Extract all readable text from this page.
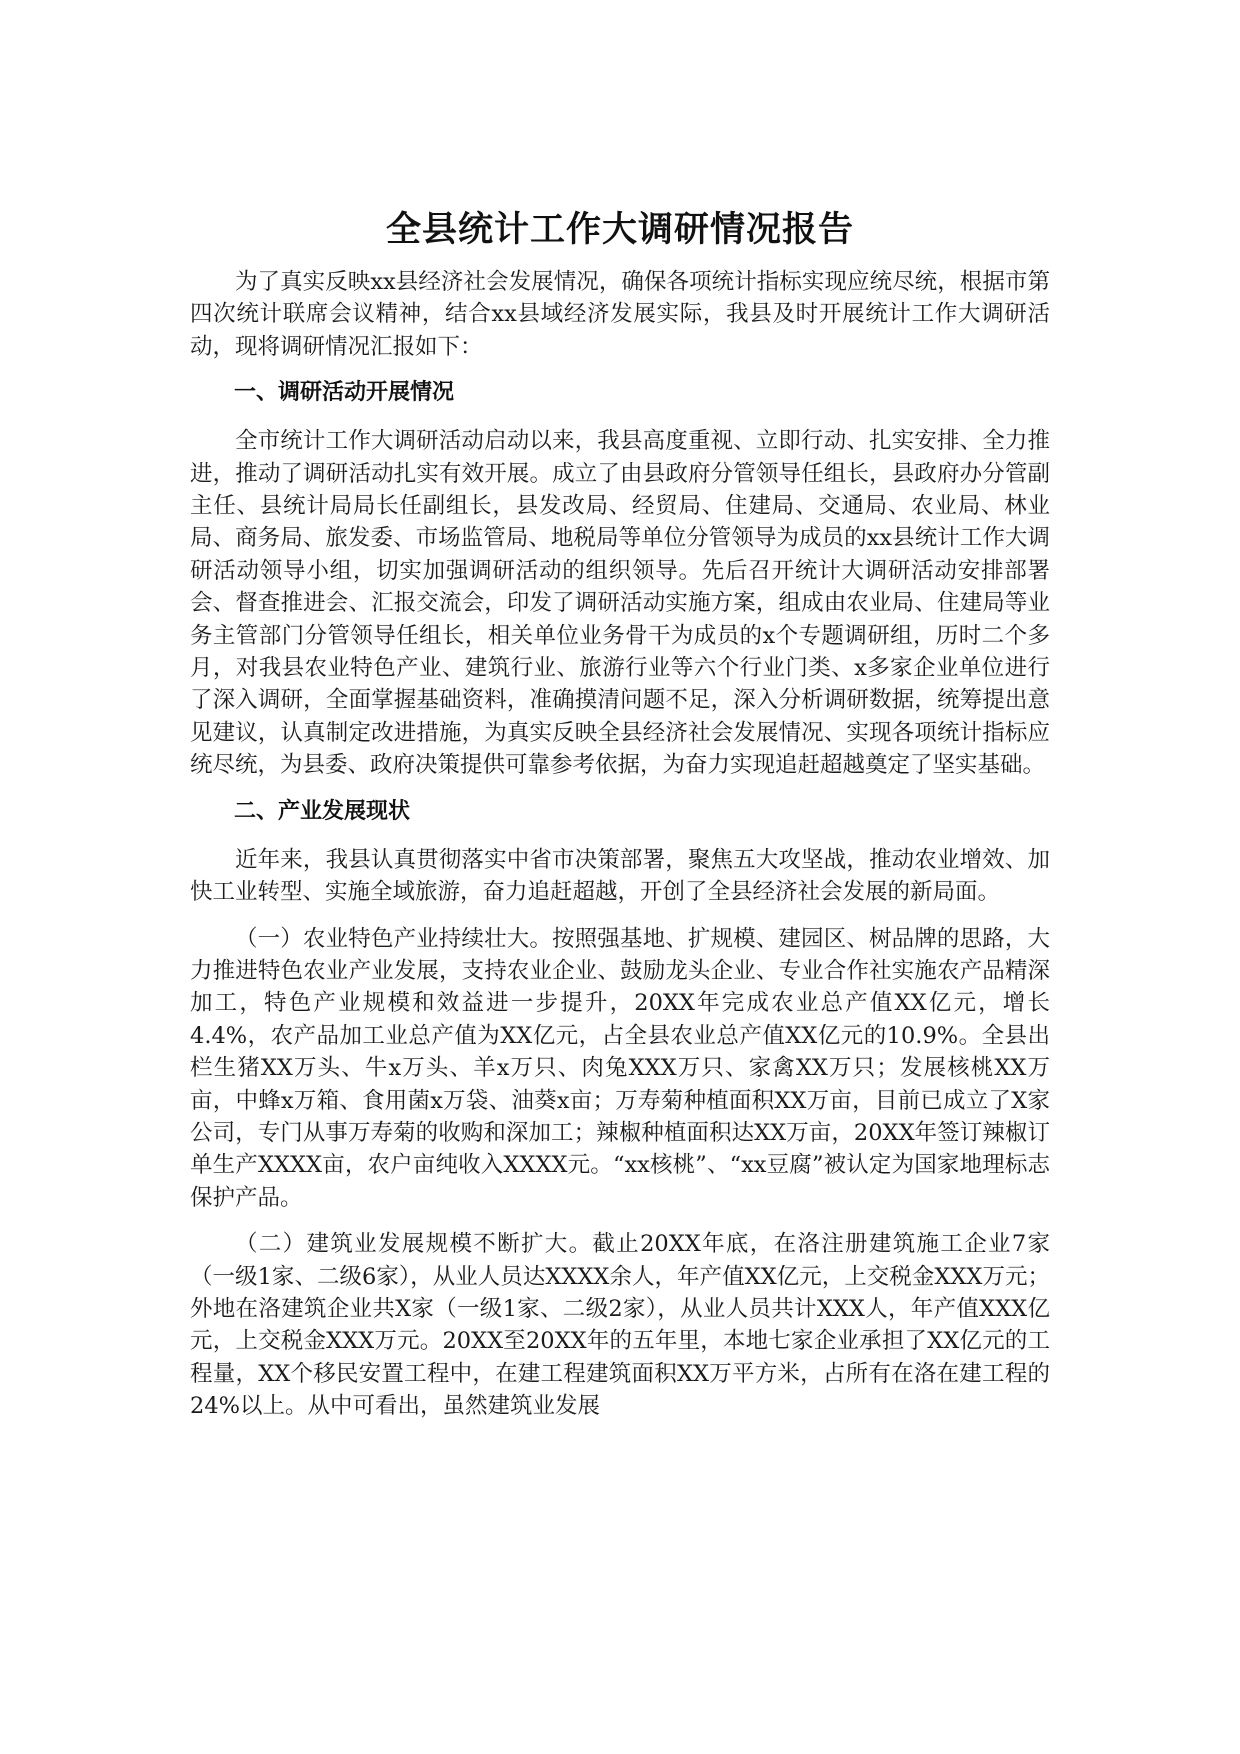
全县统计工作大调研情况报告

为了真实反映xx县经济社会发展情况，确保各项统计指标实现应统尽统，根据市第四次统计联席会议精神，结合xx县域经济发展实际，我县及时开展统计工作大调研活动，现将调研情况汇报如下：

一、调研活动开展情况

全市统计工作大调研活动启动以来，我县高度重视、立即行动、扎实安排、全力推进，推动了调研活动扎实有效开展。成立了由县政府分管领导任组长，县政府办分管副主任、县统计局局长任副组长，县发改局、经贸局、住建局、交通局、农业局、林业局、商务局、旅发委、市场监管局、地税局等单位分管领导为成员的xx县统计工作大调研活动领导小组，切实加强调研活动的组织领导。先后召开统计大调研活动安排部署会、督查推进会、汇报交流会，印发了调研活动实施方案，组成由农业局、住建局等业务主管部门分管领导任组长，相关单位业务骨干为成员的x个专题调研组，历时二个多月，对我县农业特色产业、建筑行业、旅游行业等六个行业门类、x多家企业单位进行了深入调研，全面掌握基础资料，准确摸清问题不足，深入分析调研数据，统筹提出意见建议，认真制定改进措施，为真实反映全县经济社会发展情况、实现各项统计指标应统尽统，为县委、政府决策提供可靠参考依据，为奋力实现追赶超越奠定了坚实基础。

二、产业发展现状

近年来，我县认真贯彻落实中省市决策部署，聚焦五大攻坚战，推动农业增效、加快工业转型、实施全域旅游，奋力追赶超越，开创了全县经济社会发展的新局面。

（一）农业特色产业持续壮大。按照强基地、扩规模、建园区、树品牌的思路，大力推进特色农业产业发展，支持农业企业、鼓励龙头企业、专业合作社实施农产品精深加工，特色产业规模和效益进一步提升，20XX年完成农业总产值XX亿元，增长4.4%，农产品加工业总产值为XX亿元，占全县农业总产值XX亿元的10.9%。全县出栏生猪XX万头、牛x万头、羊x万只、肉兔XXX万只、家禽XX万只；发展核桃XX万亩，中蜂x万箱、食用菌x万袋、油葵x亩；万寿菊种植面积XX万亩，目前已成立了X家公司，专门从事万寿菊的收购和深加工；辣椒种植面积达XX万亩，20XX年签订辣椒订单生产XXXX亩，农户亩纯收入XXXX元。“xx核桃”、“xx豆腐”被认定为国家地理标志保护产品。

（二）建筑业发展规模不断扩大。截止20XX年底，在洛注册建筑施工企业7家（一级1家、二级6家），从业人员达XXXX余人，年产值XX亿元，上交税金XXX万元；外地在洛建筑企业共X家（一级1家、二级2家），从业人员共计XXX人，年产值XXX亿元，上交税金XXX万元。20XX至20XX年的五年里，本地七家企业承担了XX亿元的工程量，XX个移民安置工程中，在建工程建筑面积XX万平方米，占所有在洛在建工程的24%以上。从中可看出，虽然建筑业发展
